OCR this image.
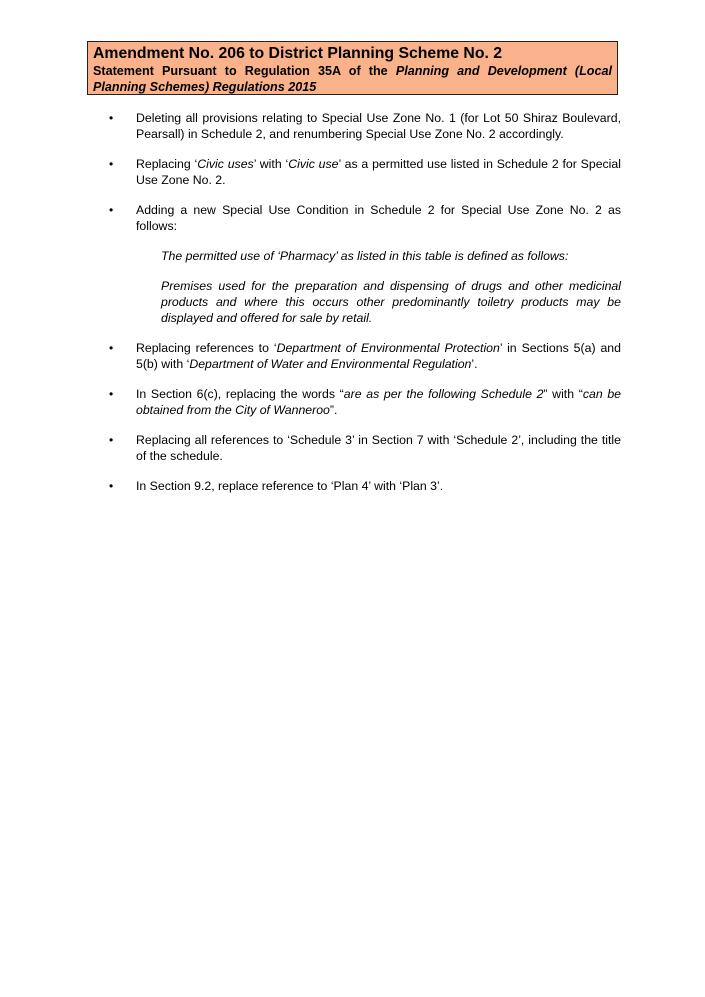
Amendment No. 206 to District Planning Scheme No. 2

Statement Pursuant to Regulation 35A of the Planning and Development (Local Planning Schemes) Regulations 2015

• Deleting all provisions relating to Special Use Zone No. 1 (for Lot 50 Shiraz Boulevard, Pearsall) in Schedule 2, and renumbering Special Use Zone No. 2 accordingly.
• Replacing ‘Civic uses’ with ‘Civic use’ as a permitted use listed in Schedule 2 for Special Use Zone No. 2.
• Adding a new Special Use Condition in Schedule 2 for Special Use Zone No. 2 as follows:
The permitted use of ‘Pharmacy’ as listed in this table is defined as follows:
Premises used for the preparation and dispensing of drugs and other medicinal products and where this occurs other predominantly toiletry products may be displayed and offered for sale by retail.
• Replacing references to ‘Department of Environmental Protection’ in Sections 5(a) and 5(b) with ‘Department of Water and Environmental Regulation’.
• In Section 6(c), replacing the words “are as per the following Schedule 2” with “can be obtained from the City of Wanneroo”.
• Replacing all references to ‘Schedule 3’ in Section 7 with ‘Schedule 2’, including the title of the schedule.
• In Section 9.2, replace reference to ‘Plan 4’ with ‘Plan 3’.
